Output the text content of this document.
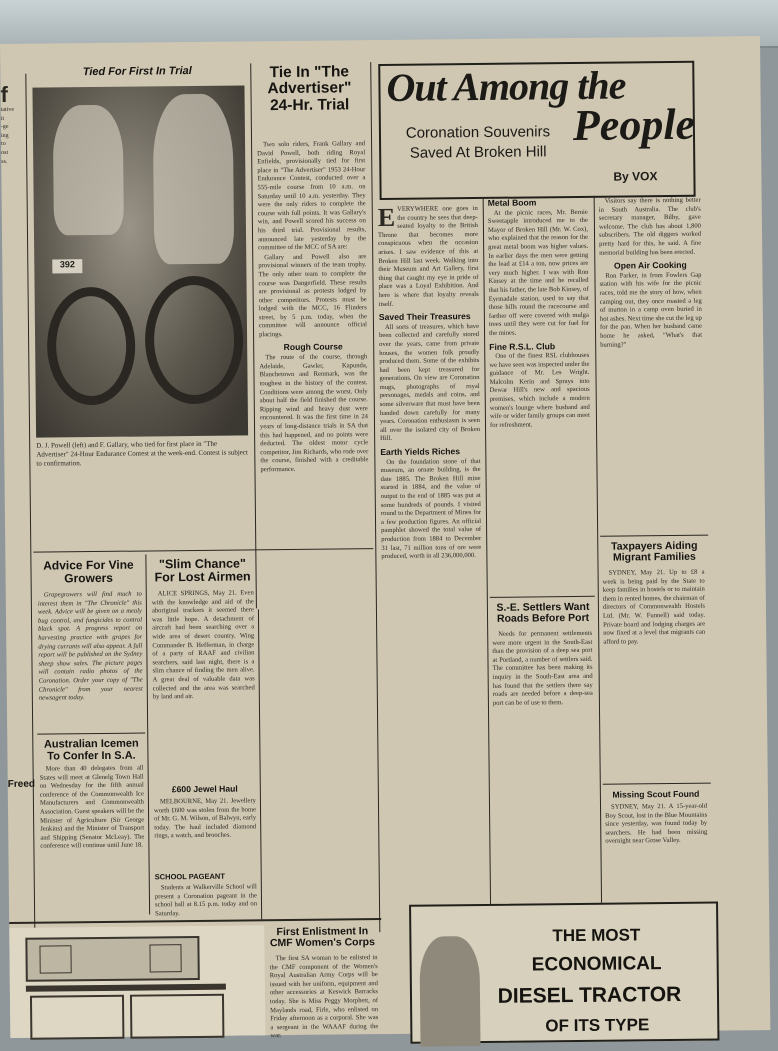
f
tative
it
-ge
ing
to
ost
ss.
Freed
Tied For First In Trial
392
D. J. Powell (left) and F. Gallary, who tied for first place in "The Advertiser" 24-Hour Endurance Contest at the week-end. Contest is subject to confirmation.
Tie In "The Advertiser" 24-Hr. Trial

Two solo riders, Frank Gallary and David Powell, both riding Royal Enfields, provisionally tied for first place in "The Advertiser" 1953 24-Hour Endurance Contest, conducted over a 555-mile course from 10 a.m. on Saturday until 10 a.m. yesterday. They were the only riders to complete the course with full points. It was Gallary's win, and Powell scored his success on his third trial. Provisional results, announced late yesterday by the committee of the MCC of SA are:

Gallary and Powell also are provisional winners of the team trophy. The only other team to complete the course was Dangerfield. These results are provisional as protests lodged by other competitors. Protests must be lodged with the MCC, 16 Flinders street, by 5 p.m. today, when the committee will announce official placings.

Rough Course

The route of the course, through Adelaide, Gawler, Kapunda, Blanchetown and Renmark, was the toughest in the history of the contest. Conditions were among the worst. Only about half the field finished the course. Ripping wind and heavy dust were encountered. It was the first time in 24 years of long-distance trials in SA that this had happened, and no points were deducted. The oldest motor cycle competitor, Jim Richards, who rode over the course, finished with a creditable performance.

Out Among the
People
Coronation Souvenirs Saved At Broken Hill
By VOX
EVERYWHERE one goes in the country he sees that deep-seated loyalty to the British Throne that becomes more conspicuous when the occasion arises. I saw evidence of this at Broken Hill last week. Walking into their Museum and Art Gallery, first thing that caught my eye in pride of place was a Loyal Exhibition. And here is where that loyalty reveals itself.
Saved Their Treasures

All sorts of treasures, which have been collected and carefully stored over the years, came from private houses, the women folk proudly produced them. Some of the exhibits had been kept treasured for generations. On view are Coronation mugs, photographs of royal personages, medals and coins, and some silverware that must have been handed down carefully for many years. Coronation enthusiasm is seen all over the isolated city of Broken Hill.

Earth Yields Riches

On the foundation stone of that museum, an ornate building, is the date 1885. The Broken Hill mine started in 1884, and the value of output to the end of 1885 was put at some hundreds of pounds. I visited round to the Department of Mines for a few production figures. An official pamphlet showed the total value of production from 1884 to December 31 last, 71 million tons of ore were produced, worth in all 236,000,000.

Metal Boom

At the picnic races, Mr. Bernie Sweetapple introduced me to the Mayor of Broken Hill (Mr. W. Cox), who explained that the reason for the great metal boom was higher values. In earlier days the men were getting the lead at £14 a ton, now prices are very much higher. I was with Ron Kinsey at the time and he recalled that his father, the late Bob Kinsey, of Eyrmadale station, used to say that those hills round the racecourse and farther off were covered with mulga trees until they were cut for fuel for the mines.

Fine R.S.L. Club

One of the finest RSL clubhouses we have seen was inspected under the guidance of Mr. Les Wright. Malcolm Kerin and Sprays into Dewar Hill's new and spacious premises, which include a modern women's lounge where husband and wife or wider family groups can meet for refreshment.

S.-E. Settlers Want Roads Before Port

Needs for permanent settlements were more urgent in the South-East than the provision of a deep sea port at Portland, a number of settlers said. The committee has been making its inquiry in the South-East area and has found that the settlers there say roads are needed before a deep-sea port can be of use to them.

Visitors say there is nothing better in South Australia. The club's secretary manager, Bilby, gave welcome. The club has about 1,800 subscribers. The old diggers worked pretty hard for this, he said. A fine memorial building has been erected.

Open Air Cooking

Ron Parker, in from Fowlers Gap station with his wife for the picnic races, told me the story of how, when camping out, they once roasted a leg of mutton in a camp oven buried in hot ashes. Next time she cut the leg up for the pan. When her husband came home he asked, "What's that burning?"

Taxpayers Aiding Migrant Families

SYDNEY, May 21. Up to £8 a week is being paid by the State to keep families in hostels or to maintain them in rented homes, the chairman of directors of Commonwealth Hostels Ltd. (Mr. W. Funnell) said today. Private board and lodging charges are now fixed at a level that migrants can afford to pay.

Missing Scout Found

SYDNEY, May 21. A 15-year-old Boy Scout, lost in the Blue Mountains since yesterday, was found today by searchers. He had been missing overnight near Grose Valley.

Advice For Vine Growers

Grapegrowers will find much to interest them in "The Chronicle" this week. Advice will be given on a mealy bug control, and fungicides to control black spot. A progress report on harvesting practice with grapes for drying currants will also appear. A full report will be published on the Sydney sheep show sales. The picture pages will contain radio photos of the Coronation. Order your copy of "The Chronicle" from your nearest newsagent today.

Australian Icemen To Confer In S.A.

More than 40 delegates from all States will meet at Glenelg Town Hall on Wednesday for the fifth annual conference of the Commonwealth Ice Manufacturers and Commonwealth Association. Guest speakers will be the Minister of Agriculture (Sir George Jenkins) and the Minister of Transport and Shipping (Senator McLeay). The conference will continue until June 18.

"Slim Chance" For Lost Airmen

ALICE SPRINGS, May 21. Even with the knowledge and aid of the aboriginal trackers it seemed there was little hope. A detachment of aircraft had been searching over a wide area of desert country. Wing Commander B. Hefferman, in charge of a party of RAAF and civilian searchers, said last night, there is a slim chance of finding the men alive. A great deal of valuable data was collected and the area was searched by land and air.

£600 Jewel Haul

MELBOURNE, May 21. Jewellery worth £600 was stolen from the home of Mr. G. M. Wilson, of Balwyn, early today. The haul included diamond rings, a watch, and brooches.

SCHOOL PAGEANT

Students at Walkerville School will present a Coronation pageant in the school hall at 8.15 p.m. today and on Saturday.

First Enlistment In CMF Women's Corps

The first SA woman to be enlisted in the CMF component of the Women's Royal Australian Army Corps will be issued with her uniform, equipment and other accessories at Keswick Barracks today. She is Miss Peggy Morphett, of Maylands road, Firle, who enlisted on Friday afternoon as a corporal. She was a sergeant in the WAAAF during the war.

THE MOST
ECONOMICAL
DIESEL TRACTOR
OF ITS TYPE
